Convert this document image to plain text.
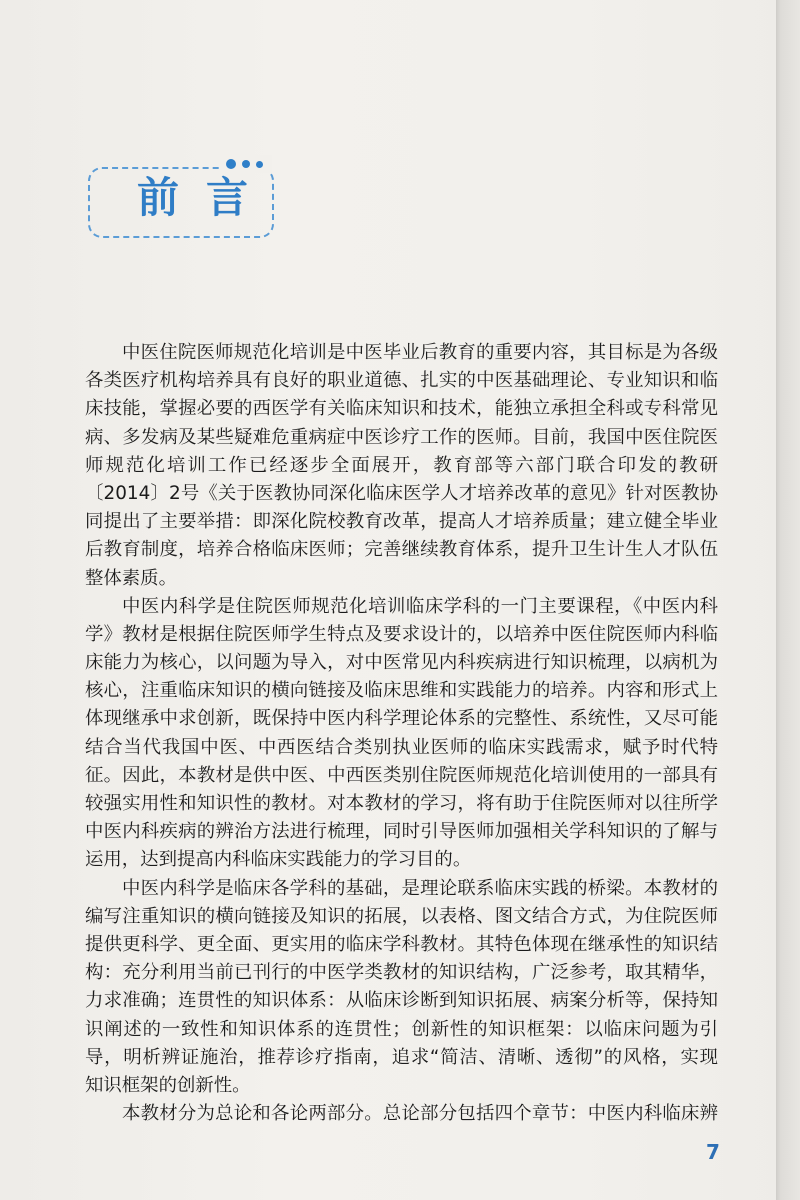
前言
中医住院医师规范化培训是中医毕业后教育的重要内容，其目标是为各级
各类医疗机构培养具有良好的职业道德、扎实的中医基础理论、专业知识和临
床技能，掌握必要的西医学有关临床知识和技术，能独立承担全科或专科常见
病、多发病及某些疑难危重病症中医诊疗工作的医师。目前，我国中医住院医
师规范化培训工作已经逐步全面展开，教育部等六部门联合印发的教研
〔2014〕2号《关于医教协同深化临床医学人才培养改革的意见》针对医教协
同提出了主要举措：即深化院校教育改革，提高人才培养质量；建立健全毕业
后教育制度，培养合格临床医师；完善继续教育体系，提升卫生计生人才队伍
整体素质。
中医内科学是住院医师规范化培训临床学科的一门主要课程，《中医内科
学》教材是根据住院医师学生特点及要求设计的，以培养中医住院医师内科临
床能力为核心，以问题为导入，对中医常见内科疾病进行知识梳理，以病机为
核心，注重临床知识的横向链接及临床思维和实践能力的培养。内容和形式上
体现继承中求创新，既保持中医内科学理论体系的完整性、系统性，又尽可能
结合当代我国中医、中西医结合类别执业医师的临床实践需求，赋予时代特
征。因此，本教材是供中医、中西医类别住院医师规范化培训使用的一部具有
较强实用性和知识性的教材。对本教材的学习，将有助于住院医师对以往所学
中医内科疾病的辨治方法进行梳理，同时引导医师加强相关学科知识的了解与
运用，达到提高内科临床实践能力的学习目的。
中医内科学是临床各学科的基础，是理论联系临床实践的桥梁。本教材的
编写注重知识的横向链接及知识的拓展，以表格、图文结合方式，为住院医师
提供更科学、更全面、更实用的临床学科教材。其特色体现在继承性的知识结
构：充分利用当前已刊行的中医学类教材的知识结构，广泛参考，取其精华，
力求准确；连贯性的知识体系：从临床诊断到知识拓展、病案分析等，保持知
识阐述的一致性和知识体系的连贯性；创新性的知识框架：以临床问题为引
导，明析辨证施治，推荐诊疗指南，追求“简洁、清晰、透彻”的风格，实现
知识框架的创新性。
本教材分为总论和各论两部分。总论部分包括四个章节：中医内科临床辨
7
